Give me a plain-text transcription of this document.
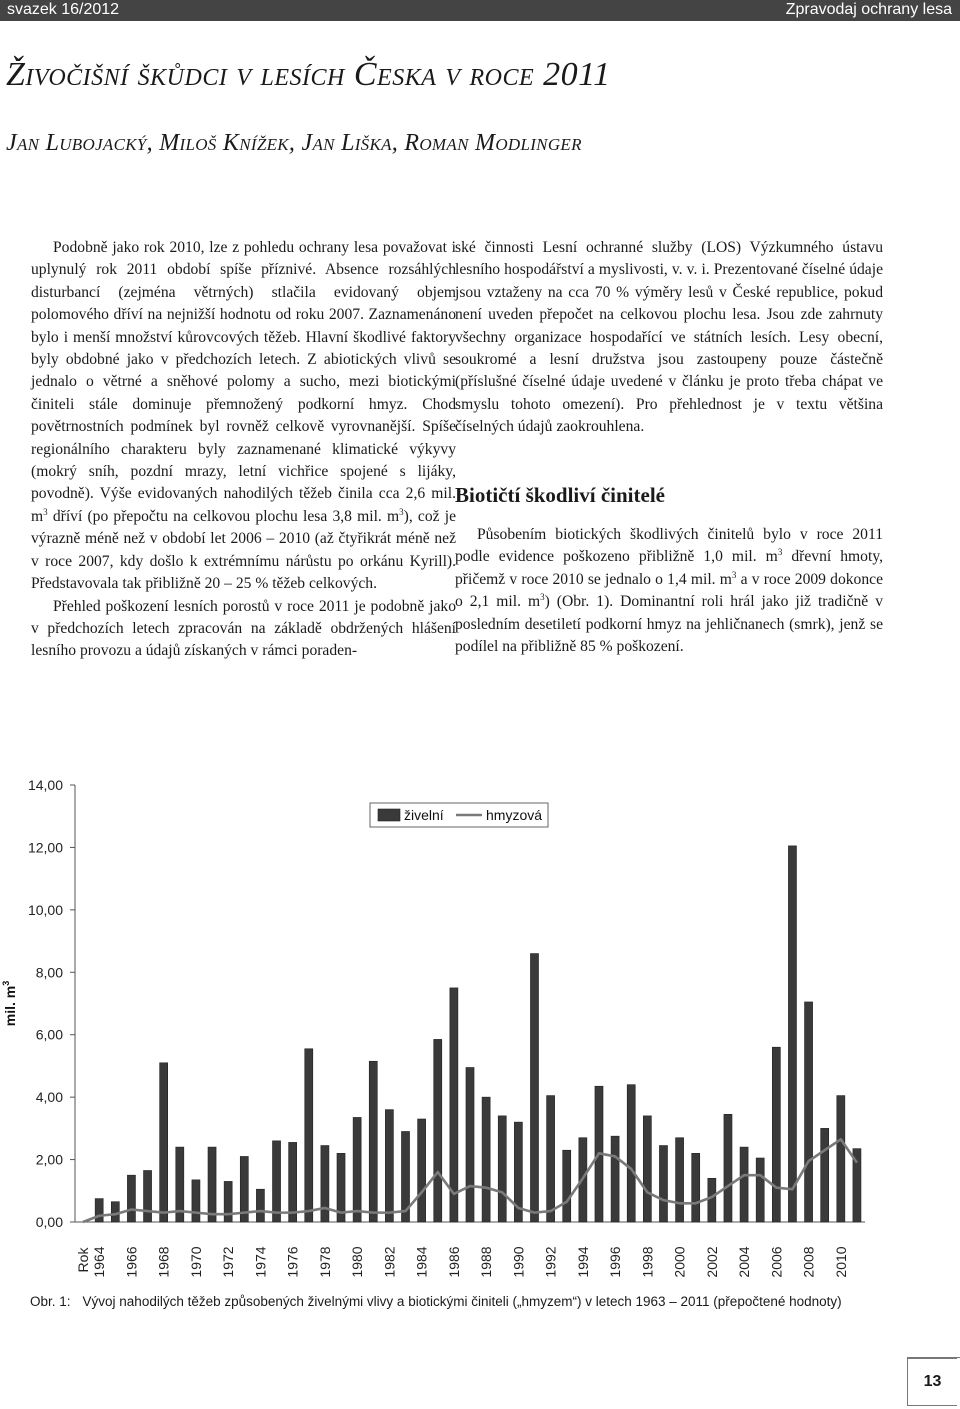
svazek 16/2012	Zpravodaj ochrany lesa
Živočišní škůdci v lesích Česka v roce 2011
Jan Lubojacký, Miloš Knížek, Jan Liška, Roman Modlinger

Podobně jako rok 2010, lze z pohledu ochrany lesa považovat i uplynulý rok 2011 období spíše příznivé. Absence rozsáhlých disturbancí (zejména větrných) stlačila evidovaný objem polomového dříví na nejnižší hodnotu od roku 2007. Zaznamenáno bylo i menší množství kůrovcových těžeb. Hlavní škodlivé faktory byly obdobné jako v předchozích letech. Z abiotických vlivů se jednalo o větrné a sněhové polomy a sucho, mezi biotickými činiteli stále dominuje přemnožený podkorní hmyz. Chod povětrnostních podmínek byl rovněž celkově vyrovnanější. Spíše regionálního charakteru byly zaznamenané klimatické výkyvy (mokrý sníh, pozdní mrazy, letní vichřice spojené s lijáky, povodně). Výše evidovaných nahodilých těžeb činila cca 2,6 mil. $m^3$ dříví (po přepočtu na celkovou plochu lesa 3,8 mil. $m^3$), což je výrazně méně než v období let 2006 – 2010 (až čtyřikrát méně než v roce 2007, kdy došlo k extrémnímu nárůstu po orkánu Kyrill). Představovala tak přibližně 20 – 25 % těžeb celkových.

Přehled poškození lesních porostů v roce 2011 je podobně jako v předchozích letech zpracován na základě obdržených hlášení lesního provozu a údajů získaných v rámci poraden-

ské činnosti Lesní ochranné služby (LOS) Výzkumného ústavu lesního hospodářství a myslivosti, v. v. i. Prezentované číselné údaje jsou vztaženy na cca 70 % výměry lesů v České republice, pokud není uveden přepočet na celkovou plochu lesa. Jsou zde zahrnuty všechny organizace hospodařící ve státních lesích. Lesy obecní, soukromé a lesní družstva jsou zastoupeny pouze částečně (příslušné číselné údaje uvedené v článku je proto třeba chápat ve smyslu tohoto omezení). Pro přehlednost je v textu většina číselných údajů zaokrouhlena.

Biotičtí škodliví činitelé

Působením biotických škodlivých činitelů bylo v roce 2011 podle evidence poškozeno přibližně 1,0 mil. $m^3$ dřevní hmoty, přičemž v roce 2010 se jednalo o 1,4 mil. $m^3$ a v roce 2009 dokonce o 2,1 mil. $m^3$) (Obr. 1). Dominantní roli hrál jako již tradičně v posledním desetiletí podkorní hmyz na jehličnanech (smrk), jenž se podílel na přibližně 85 % poškození.

0,00
2,00
4,00
6,00
8,00
10,00
12,00
14,00
mil. $m^3$
Rok 1964 1966 1968 1970 1972 1974 1976 1978 1980 1982 1984 1986 1988 1990 1992 1994 1996 1998 2000 2002 2004 2006 2008 2010
živelní	hmyzová
Obr. 1: Vývoj nahodilých těžeb způsobených živelnými vlivy a biotickými činiteli („hmyzem“) v letech 1963 – 2011 (přepočtené hodnoty)
13
